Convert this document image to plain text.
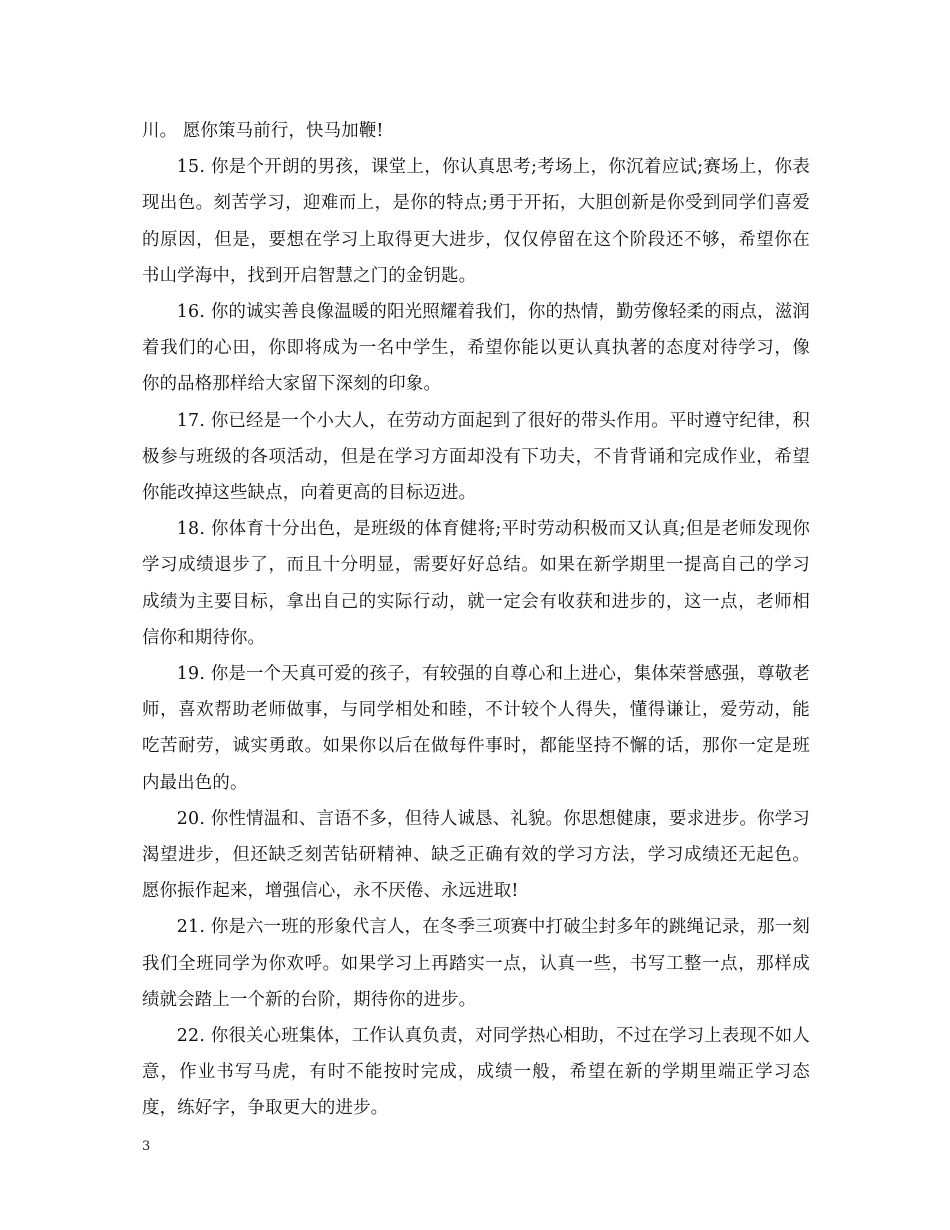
川。 愿你策马前行，快马加鞭!

15. 你是个开朗的男孩，课堂上，你认真思考;考场上，你沉着应试;赛场上，你表现出色。刻苦学习，迎难而上，是你的特点;勇于开拓，大胆创新是你受到同学们喜爱的原因，但是，要想在学习上取得更大进步，仅仅停留在这个阶段还不够，希望你在书山学海中，找到开启智慧之门的金钥匙。

16. 你的诚实善良像温暖的阳光照耀着我们，你的热情，勤劳像轻柔的雨点，滋润着我们的心田，你即将成为一名中学生，希望你能以更认真执著的态度对待学习，像你的品格那样给大家留下深刻的印象。

17. 你已经是一个小大人，在劳动方面起到了很好的带头作用。平时遵守纪律，积极参与班级的各项活动，但是在学习方面却没有下功夫，不肯背诵和完成作业，希望你能改掉这些缺点，向着更高的目标迈进。

18. 你体育十分出色，是班级的体育健将;平时劳动积极而又认真;但是老师发现你学习成绩退步了，而且十分明显，需要好好总结。如果在新学期里一提高自己的学习成绩为主要目标，拿出自己的实际行动，就一定会有收获和进步的，这一点，老师相信你和期待你。

19. 你是一个天真可爱的孩子，有较强的自尊心和上进心，集体荣誉感强，尊敬老师，喜欢帮助老师做事，与同学相处和睦，不计较个人得失，懂得谦让，爱劳动，能吃苦耐劳，诚实勇敢。如果你以后在做每件事时，都能坚持不懈的话，那你一定是班内最出色的。

20. 你性情温和、言语不多，但待人诚恳、礼貌。你思想健康，要求进步。你学习渴望进步，但还缺乏刻苦钻研精神、缺乏正确有效的学习方法，学习成绩还无起色。愿你振作起来，增强信心，永不厌倦、永远进取!

21. 你是六一班的形象代言人，在冬季三项赛中打破尘封多年的跳绳记录，那一刻我们全班同学为你欢呼。如果学习上再踏实一点，认真一些，书写工整一点，那样成绩就会踏上一个新的台阶，期待你的进步。

22. 你很关心班集体，工作认真负责，对同学热心相助，不过在学习上表现不如人意，作业书写马虎，有时不能按时完成，成绩一般，希望在新的学期里端正学习态度，练好字，争取更大的进步。

3
